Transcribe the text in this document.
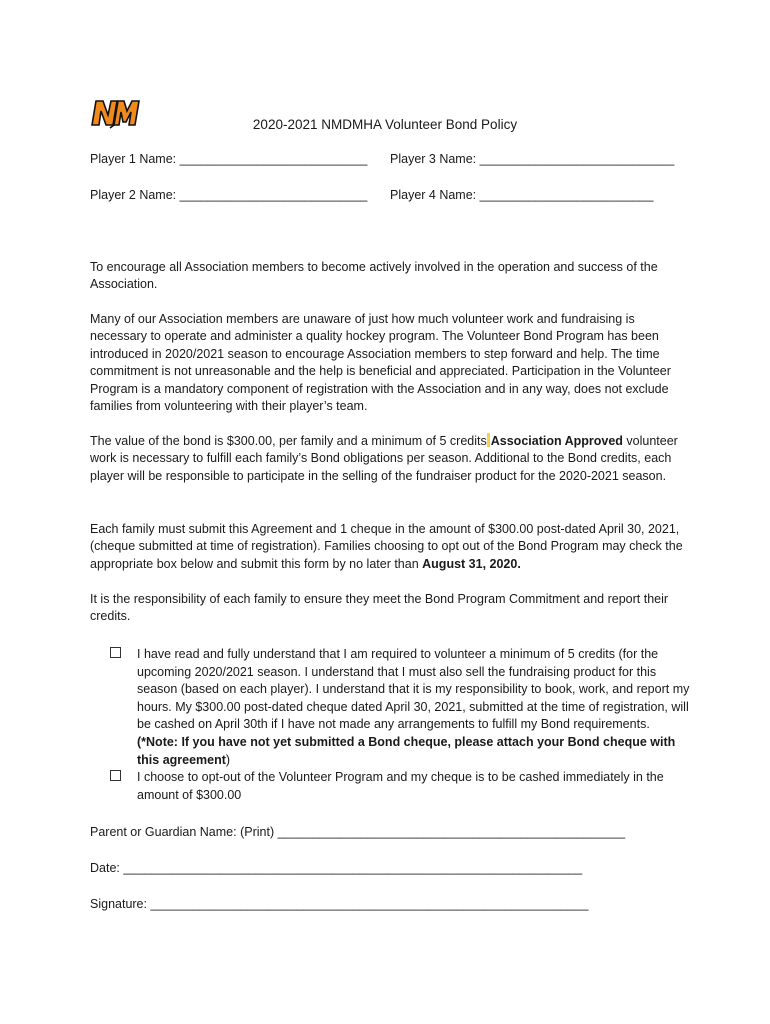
2020-2021 NMDMHA Volunteer Bond Policy
Player 1 Name: ___________________________ Player 3 Name: ____________________________
Player 2 Name: ___________________________ Player 4 Name: _________________________
To encourage all Association members to become actively involved in the operation and success of the Association.
Many of our Association members are unaware of just how much volunteer work and fundraising is necessary to operate and administer a quality hockey program. The Volunteer Bond Program has been introduced in 2020/2021 season to encourage Association members to step forward and help. The time commitment is not unreasonable and the help is beneficial and appreciated. Participation in the Volunteer Program is a mandatory component of registration with the Association and in any way, does not exclude families from volunteering with their player’s team.
The value of the bond is $300.00, per family and a minimum of 5 credits Association Approved volunteer work is necessary to fulfill each family’s Bond obligations per season. Additional to the Bond credits, each player will be responsible to participate in the selling of the fundraiser product for the 2020-2021 season.
Each family must submit this Agreement and 1 cheque in the amount of $300.00 post-dated April 30, 2021, (cheque submitted at time of registration). Families choosing to opt out of the Bond Program may check the appropriate box below and submit this form by no later than August 31, 2020.
It is the responsibility of each family to ensure they meet the Bond Program Commitment and report their credits.
I have read and fully understand that I am required to volunteer a minimum of 5 credits (for the upcoming 2020/2021 season. I understand that I must also sell the fundraising product for this season (based on each player). I understand that it is my responsibility to book, work, and report my hours. My $300.00 post-dated cheque dated April 30, 2021, submitted at the time of registration, will be cashed on April 30th if I have not made any arrangements to fulfill my Bond requirements. (*Note: If you have not yet submitted a Bond cheque, please attach your Bond cheque with this agreement)
I choose to opt-out of the Volunteer Program and my cheque is to be cashed immediately in the amount of $300.00
Parent or Guardian Name: (Print) __________________________________________________
Date: __________________________________________________________________
Signature: _______________________________________________________________
